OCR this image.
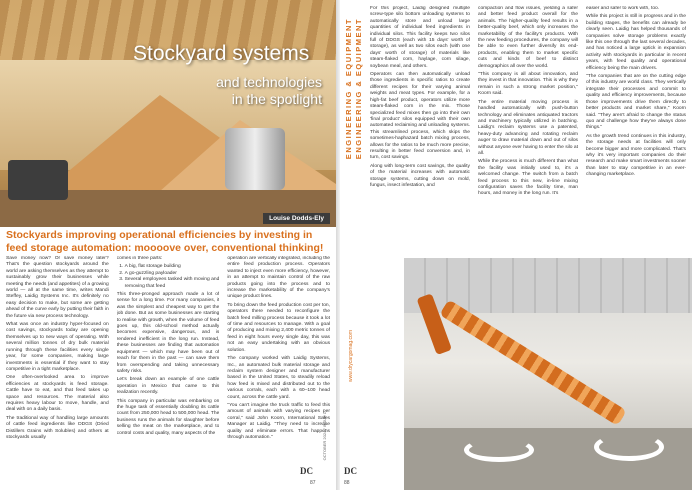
Stockyard systems
and technologies
in the spotlight
Louise Dodds-Ely
Stockyards improving operational efficiencies by investing in feed storage automation: moooove over, conventional thinking!

Save money now? Or save money later? That's the question stockyards around the world are asking themselves as they attempt to sustainably grow their businesses while meeting the needs (and appetites) of a growing world — all at the same time, writes Mandi Steffey, Laidig Systems Inc. It's definitely no easy decision to make, but some are getting ahead of the curve early by putting their faith in the future via new process technology.

What was once an industry hyper-focused on cost savings, stockyards today are opening themselves up to new ways of operating. With several million tonnes of dry bulk material running through these facilities every single year, for some companies, making large investments is essential if they want to stay competitive in a tight marketplace.

One often-overlooked area to improve efficiencies at stockyards is feed storage. Cattle have to eat, and that feed takes up space and resources. The material also requires heavy labour to move, handle, and deal with on a daily basis.

The traditional way of handling large amounts of cattle feed ingredients like DDGS (Dried Distillers Grains with Solubles) and others at stockyards usually

comes in three parts:

1. A big, flat storage building
2. A go-guzzling payloader
3. Several employees tasked with moving and removing that feed

This three-pronged approach made a lot of sense for a long time. For many companies, it was the simplest and cheapest way to get the job done. But as some businesses are starting to realise with growth, when the volume of feed goes up, this old-school method actually becomes expensive, dangerous, and is rendered inefficient in the long run. Instead, these businesses are finding that automation equipment — which may have been out of reach for them in the past — can save them from overspending and taking unnecessary safety risks.

Let's break down an example of one cattle operation in Mexico that came to this realization recently.

This company in particular was embarking on the huge task of essentially doubling its cattle count from 250,000 head to 500,000 head. The business runs the animals for slaughter before selling the meat on the marketplace, and to control costs and quality, many aspects of the

operation are vertically integrated, including the entire feed production process. Operators wanted to inject even more efficiency, however, in an attempt to maintain control of the raw products going into the process and to increase the marketability of the company's unique product lines.

To bring down the feed production cost per ton, operators there needed to reconfigure the batch feed milling process because it took a lot of time and resources to manage. With a goal of producing and mixing 2,400 metric tonnes of feed in eight hours every single day, this was not an easy undertaking with an obvious solution.

The company worked with Laidig Systems, Inc., an automated bulk material storage and reclaim system designer and manufacturer based in the United States, to steadily reload how feed is mixed and distributed out to the various corrals, each with a 60–100 head count, across the cattle yard.

"You can't imagine the truck traffic to feed this amount of animals with varying recipes per corral," said John Koorn, International Sales Manager at Laidig. "They need to increase quality and eliminate errors. That happens through automation."	OCTOBER 2024 / ISSUE 1
DC
87
ENGINEERING & EQUIPMENT ENGINEERING & EQUIPMENT
www.drycargomag.com

For this project, Laidig designed multiple screw-type silo bottom unloading systems to automatically store and unload large quantities of individual feed ingredients in individual silos. This facility keeps two silos full of DDGS (each with 15 days' worth of storage), as well as two silos each (with one days' worth of storage) of materials like steam-flaked corn, haylage, corn silage, soybean meal, and others.

Operators can then automatically unload those ingredients in specific ratios to create different recipes for their varying animal weights and meat types. For example, for a high-fat beef product, operators utilize more steam-flaked corn in the mix. Those specialized feed mixes then go into their own 'final product' silos equipped with their own automated reclaiming and unloading systems. This streamlined process, which skips the sometimes-haphazard batch mixing process, allows for the ratios to be much more precise, resulting in better feed conversion and, in turn, cost savings.

Along with long-term cost savings, the quality of the material increases with automatic storage systems, cutting down on mold, fungus, insect infestation, and

compaction and flow issues, yielding a safer and better feed product overall for the animals. The higher-quality feed results in a better-quality beef, which only increases the marketability of the facility's products. With the new feeding procedures, the company will be able to even further diversify its end-products, enabling them to market specific cuts and kinds of beef to distinct demographics all over the world.

"This company is all about innovation, and they invest in that innovation. This is why they remain in such a strong market position," Koorn said.

The entire material moving process is handled automatically with push-button technology and eliminates antiquated tractors and machinery typically utilized in batching. Laidig's reclaim systems use a patented, heavy-duty advancing and rotating reclaim auger to draw material down and out of silos without anyone ever having to enter the silo at all.

While the process is much different than what the facility was initially used to, it's a welcomed change. The switch from a batch feed process to this new, in-line mixing configuration saves the facility time, man hours, and money in the long run. It's

easier and safer to work with, too.

While this project is still in progress and in the building stages, the benefits can already be clearly seen. Laidig has helped thousands of companies solve storage problems exactly like this one through the last several decades, and has noticed a large uptick in expansion activity with stockyards in particular in recent years, with feed quality and operational efficiency being the main drivers.

"The companies that are on the cutting edge of this industry are world class. They vertically integrate their processes and commit to quality and efficiency improvements, because those improvements drive them directly to better products and market share," Koorn said. "They aren't afraid to change the status quo and challenge how they've always done things."

As the growth trend continues in this industry, the storage needs at facilities will only become bigger and more complicated. That's why it's very important companies do their research and make smart investments sooner than later to stay competitive in an ever-changing marketplace.

DC
88
